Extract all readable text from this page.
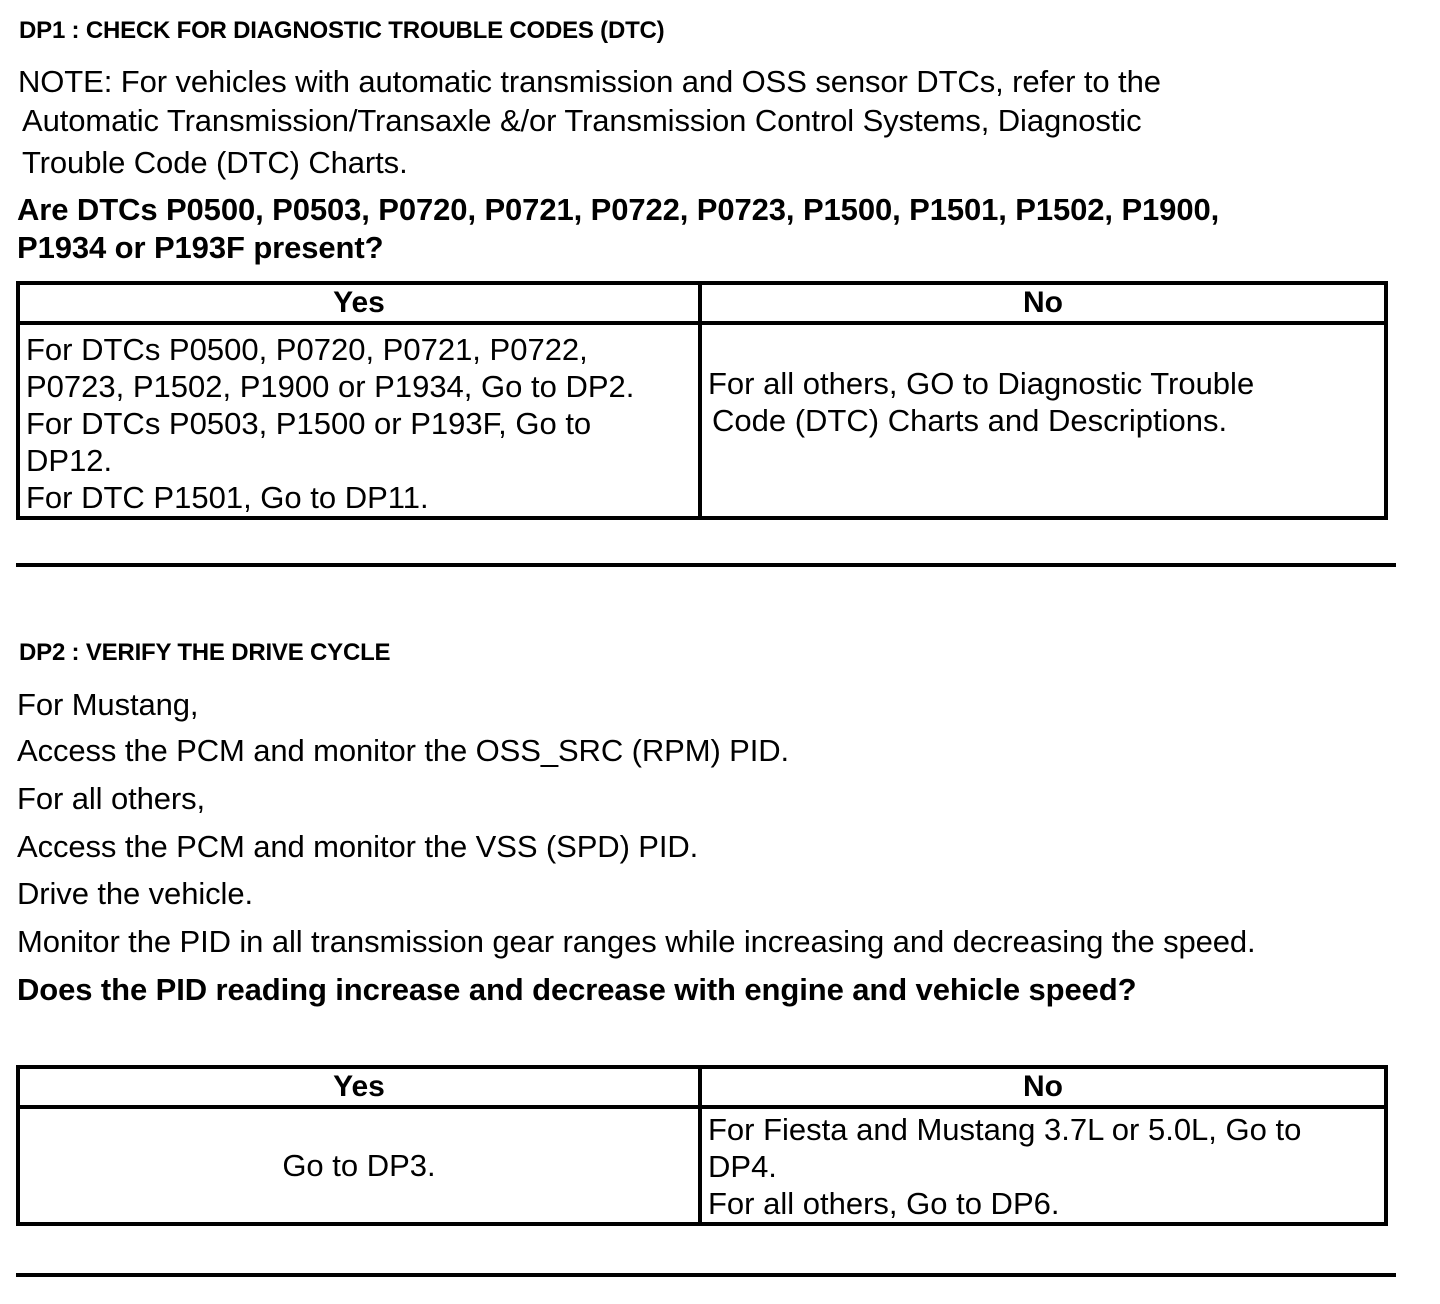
DP1 : CHECK FOR DIAGNOSTIC TROUBLE CODES (DTC)
NOTE: For vehicles with automatic transmission and OSS sensor DTCs, refer to the
Automatic Transmission/Transaxle &/or Transmission Control Systems, Diagnostic
Trouble Code (DTC) Charts.
Are DTCs P0500, P0503, P0720, P0721, P0722, P0723, P1500, P1501, P1502, P1900,
P1934 or P193F present?
Yes	No

For DTCs P0500, P0720, P0721, P0722,
P0723, P1502, P1900 or P1934, Go to DP2.
For DTCs P0503, P1500 or P193F, Go to
DP12.
For DTC P1501, Go to DP11.	For all others, GO to Diagnostic Trouble
Code (DTC) Charts and Descriptions.
DP2 : VERIFY THE DRIVE CYCLE
For Mustang,
Access the PCM and monitor the OSS_SRC (RPM) PID.
For all others,
Access the PCM and monitor the VSS (SPD) PID.
Drive the vehicle.
Monitor the PID in all transmission gear ranges while increasing and decreasing the speed.
Does the PID reading increase and decrease with engine and vehicle speed?
Yes	No

Go to DP3.	For Fiesta and Mustang 3.7L or 5.0L, Go to
DP4.
For all others, Go to DP6.
